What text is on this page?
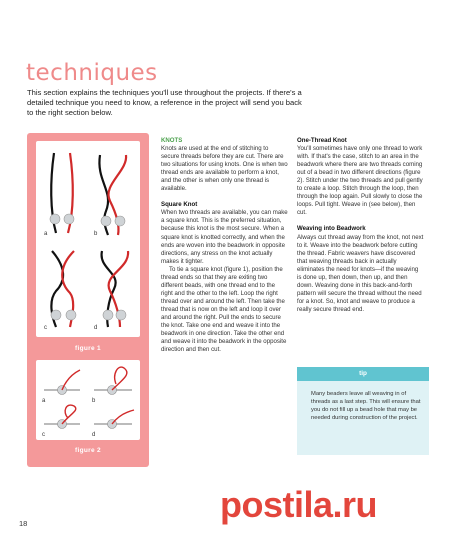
techniques
This section explains the techniques you'll use throughout the projects. If there's a detailed technique you need to know, a reference in the project will send you back to the right section below.
a	b
c	d
figure 1
a	b
c	d
figure 2

KNOTS

Knots are used at the end of stitching to secure threads before they are cut. There are two situations for using knots. One is when two thread ends are available to perform a knot, and the other is when only one thread is available.

Square Knot

When two threads are available, you can make a square knot. This is the preferred situation, because this knot is the most secure. When a square knot is knotted correctly, and when the ends are woven into the beadwork in opposite directions, any stress on the knot actually makes it tighter.

To tie a square knot (figure 1), position the thread ends so that they are exiting two different beads, with one thread end to the right and the other to the left. Loop the right thread over and around the left. Then take the thread that is now on the left and loop it over and around the right. Pull the ends to secure the knot. Take one end and weave it into the beadwork in one direction. Take the other end and weave it into the beadwork in the opposite direction and then cut.

One-Thread Knot

You'll sometimes have only one thread to work with. If that's the case, stitch to an area in the beadwork where there are two threads coming out of a bead in two different directions (figure 2). Stitch under the two threads and pull gently to create a loop. Stitch through the loop, then through the loop again. Pull slowly to close the loops. Pull tight. Weave in (see below), then cut.

Weaving into Beadwork

Always cut thread away from the knot, not next to it. Weave into the beadwork before cutting the thread. Fabric weavers have discovered that weaving threads back in actually eliminates the need for knots—if the weaving is done up, then down, then up, and then down. Weaving done in this back-and-forth pattern will secure the thread without the need for a knot. So, knot and weave to produce a really secure thread end.

tip
Many beaders leave all weaving in of threads as a last step. This will ensure that you do not fill up a bead hole that may be needed during construction of the project.
18	postila.ru
